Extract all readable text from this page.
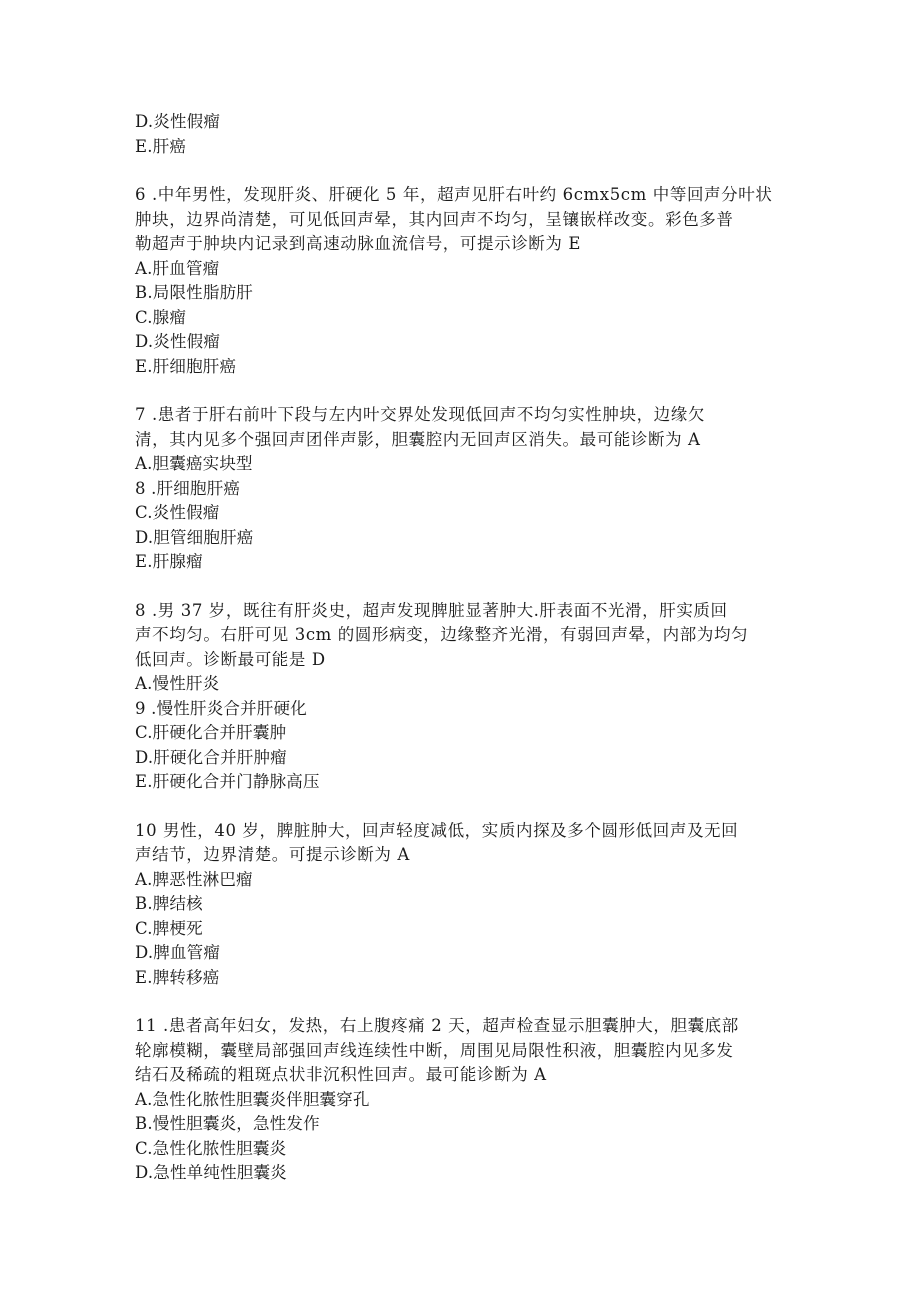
D.炎性假瘤
E.肝癌
6 .中年男性，发现肝炎、肝硬化 5 年，超声见肝右叶约 6cmx5cm 中等回声分叶状
肿块，边界尚清楚，可见低回声晕，其内回声不均匀，呈镶嵌样改变。彩色多普
勒超声于肿块内记录到高速动脉血流信号，可提示诊断为 E
A.肝血管瘤
B.局限性脂肪肝
C.腺瘤
D.炎性假瘤
E.肝细胞肝癌
7 .患者于肝右前叶下段与左内叶交界处发现低回声不均匀实性肿块，边缘欠
清，其内见多个强回声团伴声影，胆囊腔内无回声区消失。最可能诊断为 A
A.胆囊癌实块型
8 .肝细胞肝癌
C.炎性假瘤
D.胆管细胞肝癌
E.肝腺瘤
8 .男 37 岁，既往有肝炎史，超声发现脾脏显著肿大.肝表面不光滑，肝实质回
声不均匀。右肝可见 3cm 的圆形病变，边缘整齐光滑，有弱回声晕，内部为均匀
低回声。诊断最可能是 D
A.慢性肝炎
9 .慢性肝炎合并肝硬化
C.肝硬化合并肝囊肿
D.肝硬化合并肝肿瘤
E.肝硬化合并门静脉高压
10 男性，40 岁，脾脏肿大，回声轻度减低，实质内探及多个圆形低回声及无回
声结节，边界清楚。可提示诊断为 A
A.脾恶性淋巴瘤
B.脾结核
C.脾梗死
D.脾血管瘤
E.脾转移癌
11 .患者高年妇女，发热，右上腹疼痛 2 天，超声检查显示胆囊肿大，胆囊底部
轮廓模糊，囊壁局部强回声线连续性中断，周围见局限性积液，胆囊腔内见多发
结石及稀疏的粗斑点状非沉积性回声。最可能诊断为 A
A.急性化脓性胆囊炎伴胆囊穿孔
B.慢性胆囊炎，急性发作
C.急性化脓性胆囊炎
D.急性单纯性胆囊炎
